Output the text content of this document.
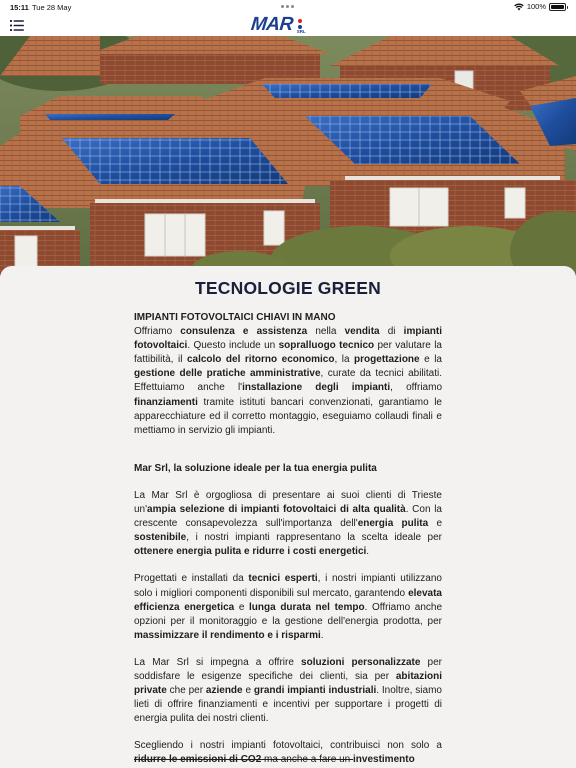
15:11 Tue 28 May	100%
MAR SRL
TECNOLOGIE GREEN

IMPIANTI FOTOVOLTAICI CHIAVI IN MANO

Offriamo consulenza e assistenza nella vendita di impianti fotovoltaici. Questo include un sopralluogo tecnico per valutare la fattibilità, il calcolo del ritorno economico, la progettazione e la gestione delle pratiche amministrative, curate da tecnici abilitati. Effettuiamo anche l'installazione degli impianti, offriamo finanziamenti tramite istituti bancari convenzionati, garantiamo le apparecchiature ed il corretto montaggio, eseguiamo collaudi finali e mettiamo in servizio gli impianti.

Mar Srl, la soluzione ideale per la tua energia pulita

La Mar Srl è orgogliosa di presentare ai suoi clienti di Trieste un'ampia selezione di impianti fotovoltaici di alta qualità. Con la crescente consapevolezza sull'importanza dell'energia pulita e sostenibile, i nostri impianti rappresentano la scelta ideale per ottenere energia pulita e ridurre i costi energetici.

Progettati e installati da tecnici esperti, i nostri impianti utilizzano solo i migliori componenti disponibili sul mercato, garantendo elevata efficienza energetica e lunga durata nel tempo. Offriamo anche opzioni per il monitoraggio e la gestione dell'energia prodotta, per massimizzare il rendimento e i risparmi.

La Mar Srl si impegna a offrire soluzioni personalizzate per soddisfare le esigenze specifiche dei clienti, sia per abitazioni private che per aziende e grandi impianti industriali. Inoltre, siamo lieti di offrire finanziamenti e incentivi per supportare i progetti di energia pulita dei nostri clienti.

Scegliendo i nostri impianti fotovoltaici, contribuisci non solo a ridurre le emissioni di CO2 ma anche a fare un investimento
